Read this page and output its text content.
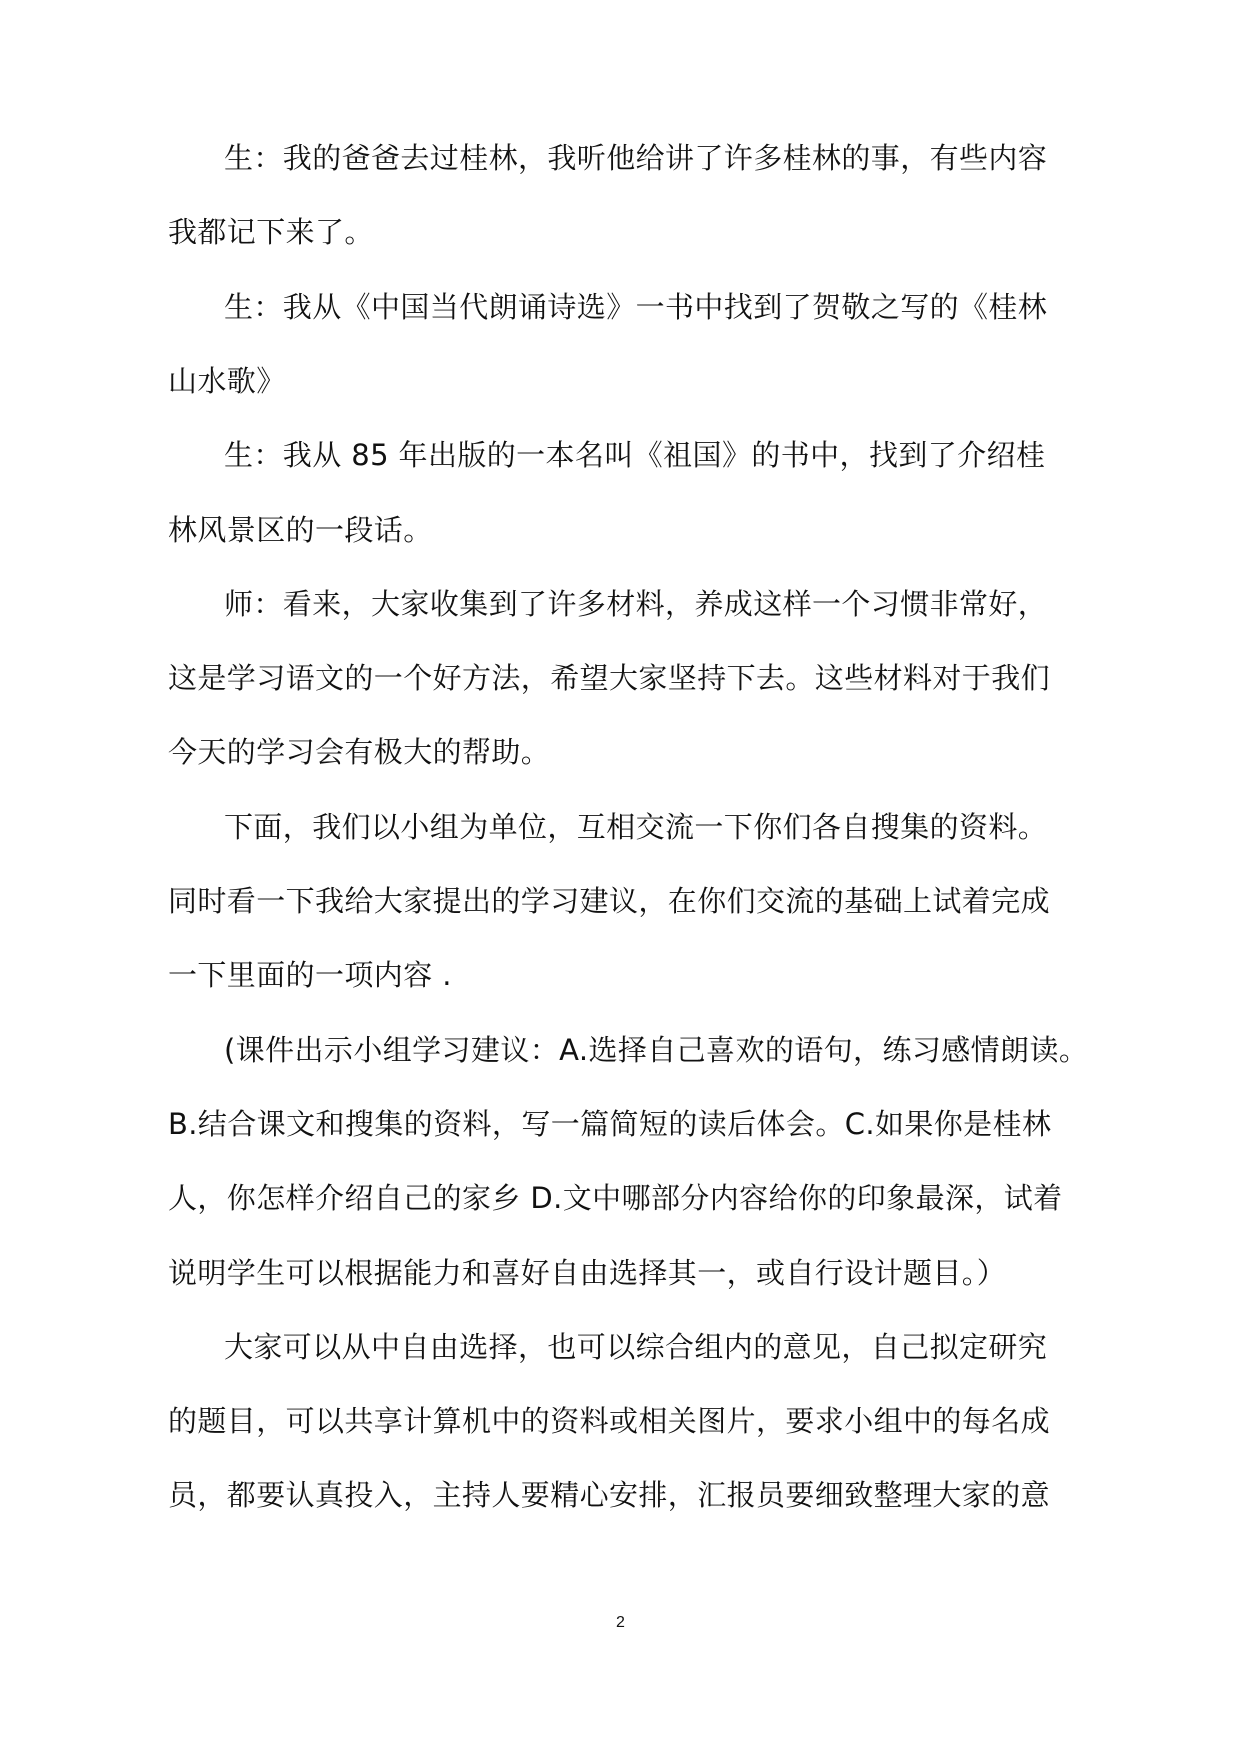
生：我的爸爸去过桂林，我听他给讲了许多桂林的事，有些内容
我都记下来了。
生：我从《中国当代朗诵诗选》一书中找到了贺敬之写的《桂林
山水歌》
生：我从 85 年出版的一本名叫《祖国》的书中，找到了介绍桂
林风景区的一段话。
师：看来，大家收集到了许多材料，养成这样一个习惯非常好，
这是学习语文的一个好方法，希望大家坚持下去。这些材料对于我们
今天的学习会有极大的帮助。
下面，我们以小组为单位，互相交流一下你们各自搜集的资料。
同时看一下我给大家提出的学习建议，在你们交流的基础上试着完成
一下里面的一项内容 .
(课件出示小组学习建议：A.选择自己喜欢的语句，练习感情朗读。
B.结合课文和搜集的资料，写一篇简短的读后体会。C.如果你是桂林
人，你怎样介绍自己的家乡 D.文中哪部分内容给你的印象最深，试着
说明学生可以根据能力和喜好自由选择其一，或自行设计题目。）
大家可以从中自由选择，也可以综合组内的意见，自己拟定研究
的题目，可以共享计算机中的资料或相关图片，要求小组中的每名成
员，都要认真投入，主持人要精心安排，汇报员要细致整理大家的意
2
